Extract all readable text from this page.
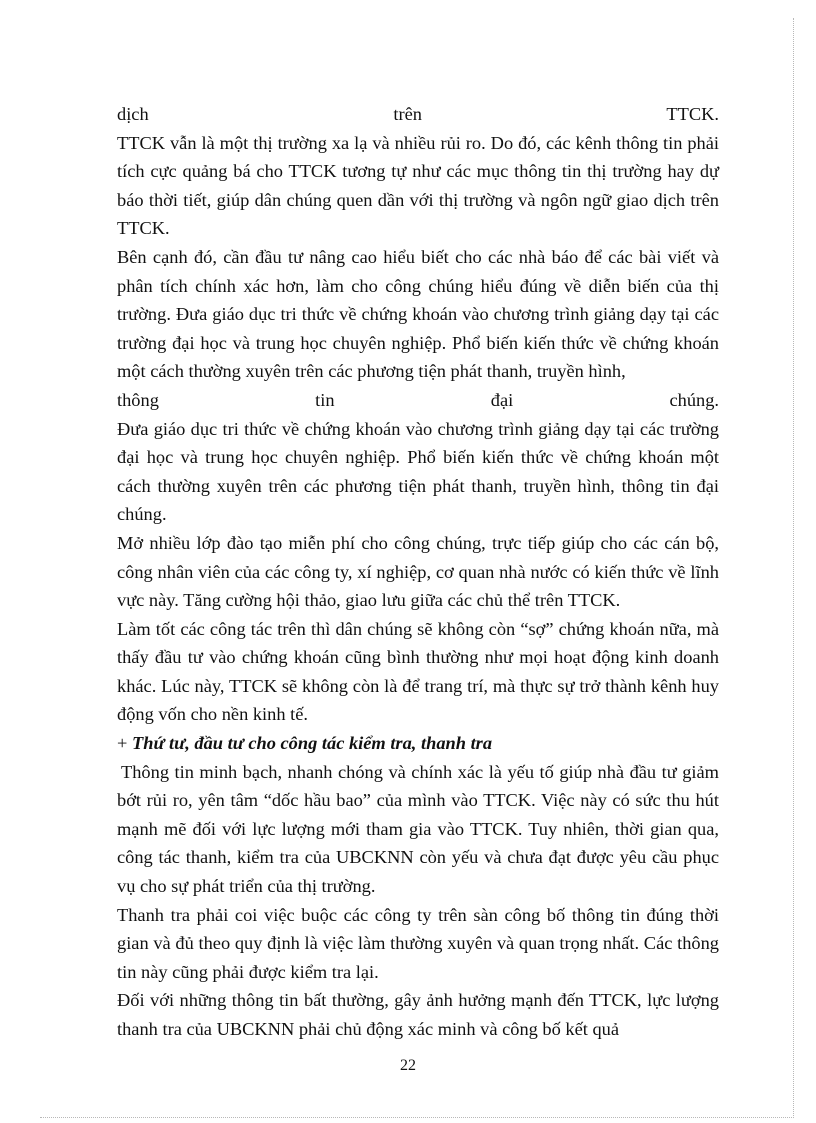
dịch trên TTCK.

TTCK vẫn là một thị trường xa lạ và nhiều rủi ro. Do đó, các kênh thông tin phải tích cực quảng bá cho TTCK tương tự như các mục thông tin thị trường hay dự báo thời tiết, giúp dân chúng quen dần với thị trường và ngôn ngữ giao dịch trên TTCK.

Bên cạnh đó, cần đầu tư nâng cao hiểu biết cho các nhà báo để các bài viết và phân tích chính xác hơn, làm cho công chúng hiểu đúng về diễn biến của thị trường. Đưa giáo dục tri thức về chứng khoán vào chương trình giảng dạy tại các trường đại học và trung học chuyên nghiệp. Phổ biến kiến thức về chứng khoán một cách thường xuyên trên các phương tiện phát thanh, truyền hình,

thông tin đại chúng.

Đưa giáo dục tri thức về chứng khoán vào chương trình giảng dạy tại các trường đại học và trung học chuyên nghiệp. Phổ biến kiến thức về chứng khoán một cách thường xuyên trên các phương tiện phát thanh, truyền hình, thông tin đại chúng.

Mở nhiều lớp đào tạo miễn phí cho công chúng, trực tiếp giúp cho các cán bộ, công nhân viên của các công ty, xí nghiệp, cơ quan nhà nước có kiến thức về lĩnh vực này. Tăng cường hội thảo, giao lưu giữa các chủ thể trên TTCK.

Làm tốt các công tác trên thì dân chúng sẽ không còn “sợ” chứng khoán nữa, mà thấy đầu tư vào chứng khoán cũng bình thường như mọi hoạt động kinh doanh khác. Lúc này, TTCK sẽ không còn là để trang trí, mà thực sự trở thành kênh huy động vốn cho nền kinh tế.

+ Thứ tư, đầu tư cho công tác kiểm tra, thanh tra

Thông tin minh bạch, nhanh chóng và chính xác là yếu tố giúp nhà đầu tư giảm bớt rủi ro, yên tâm “dốc hầu bao” của mình vào TTCK. Việc này có sức thu hút mạnh mẽ đối với lực lượng mới tham gia vào TTCK. Tuy nhiên, thời gian qua, công tác thanh, kiểm tra của UBCKNN còn yếu và chưa đạt được yêu cầu phục vụ cho sự phát triển của thị trường.

Thanh tra phải coi việc buộc các công ty trên sàn công bố thông tin đúng thời gian và đủ theo quy định là việc làm thường xuyên và quan trọng nhất. Các thông tin này cũng phải được kiểm tra lại.

Đối với những thông tin bất thường, gây ảnh hưởng mạnh đến TTCK, lực lượng thanh tra của UBCKNN phải chủ động xác minh và công bố kết quả

22
